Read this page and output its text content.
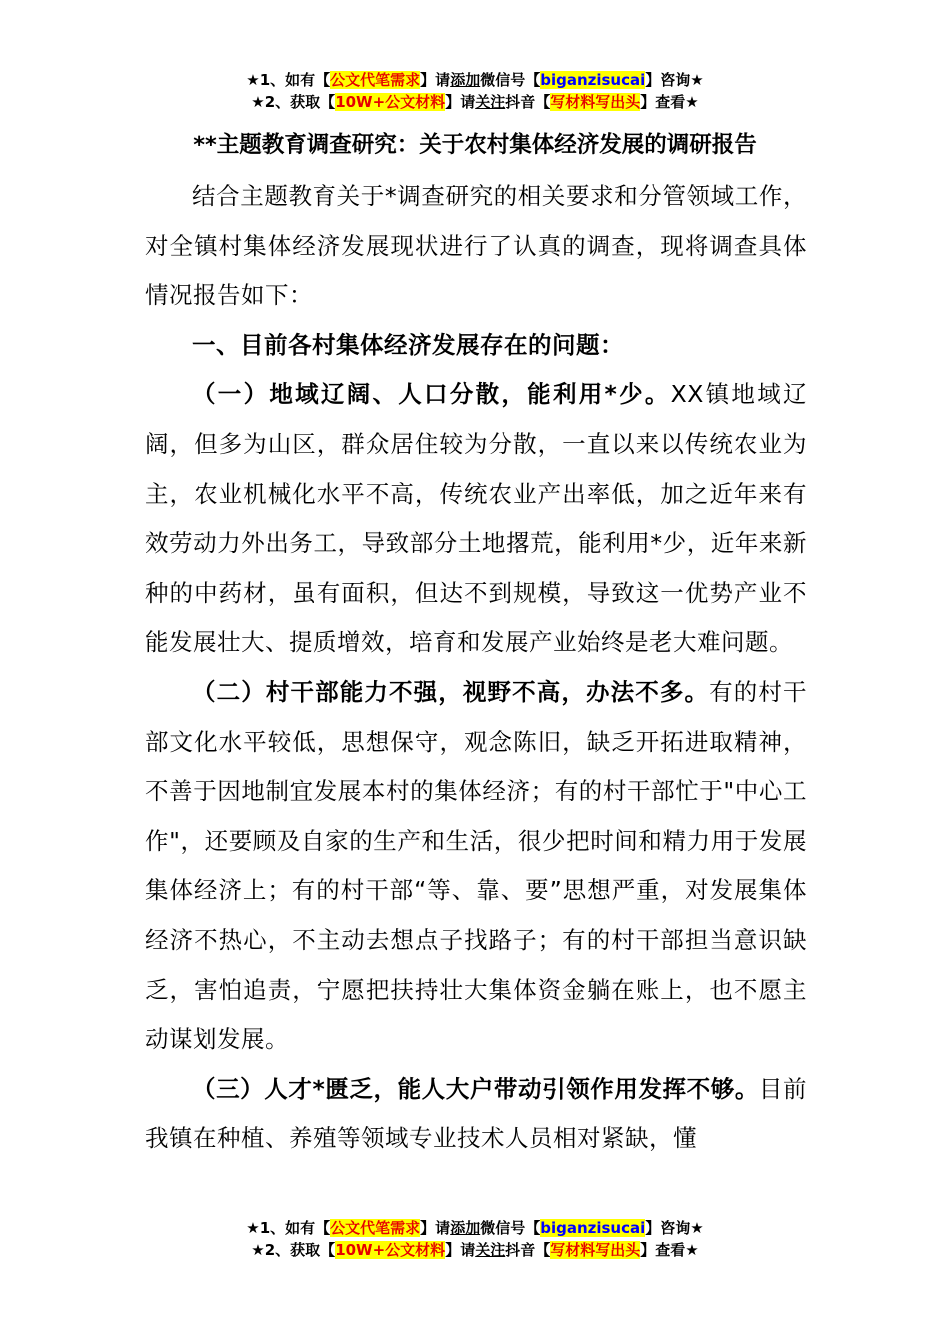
★1、如有【公文代笔需求】请添加微信号【biganzisucai】咨询★
★2、获取【10W+公文材料】请关注抖音【写材料写出头】查看★
**主题教育调查研究：关于农村集体经济发展的调研报告

结合主题教育关于*调查研究的相关要求和分管领域工作，对全镇村集体经济发展现状进行了认真的调查，现将调查具体情况报告如下：

一、目前各村集体经济发展存在的问题：

（一）地域辽阔、人口分散，能利用*少。XX镇地域辽阔，但多为山区，群众居住较为分散，一直以来以传统农业为主，农业机械化水平不高，传统农业产出率低，加之近年来有效劳动力外出务工，导致部分土地撂荒，能利用*少，近年来新种的中药材，虽有面积，但达不到规模，导致这一优势产业不能发展壮大、提质增效，培育和发展产业始终是老大难问题。

（二）村干部能力不强，视野不高，办法不多。有的村干部文化水平较低，思想保守，观念陈旧，缺乏开拓进取精神，不善于因地制宜发展本村的集体经济；有的村干部忙于"中心工作"，还要顾及自家的生产和生活，很少把时间和精力用于发展集体经济上；有的村干部“等、靠、要”思想严重，对发展集体经济不热心，不主动去想点子找路子；有的村干部担当意识缺乏，害怕追责，宁愿把扶持壮大集体资金躺在账上，也不愿主动谋划发展。

（三）人才*匮乏，能人大户带动引领作用发挥不够。目前我镇在种植、养殖等领域专业技术人员相对紧缺，懂

★1、如有【公文代笔需求】请添加微信号【biganzisucai】咨询★
★2、获取【10W+公文材料】请关注抖音【写材料写出头】查看★
